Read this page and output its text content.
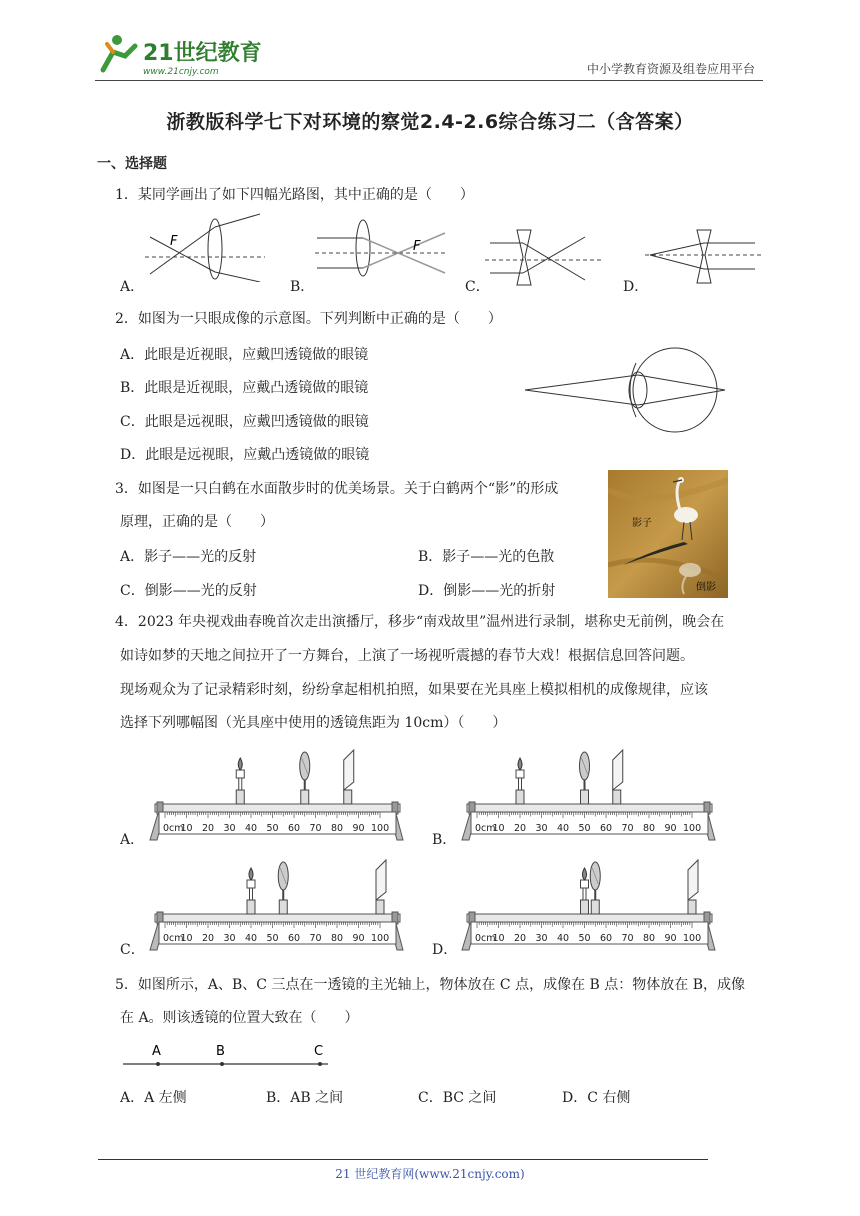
21世纪教育
www.21cnjy.com	中小学教育资源及组卷应用平台
浙教版科学七下对环境的察觉2.4-2.6综合练习二（含答案）
一、选择题
1．某同学画出了如下四幅光路图，其中正确的是（　　）
A．	B．	C．	D．
F	F
2．如图为一只眼成像的示意图。下列判断中正确的是（　　）
A．此眼是近视眼，应戴凹透镜做的眼镜
B．此眼是近视眼，应戴凸透镜做的眼镜
C．此眼是远视眼，应戴凹透镜做的眼镜
D．此眼是远视眼，应戴凸透镜做的眼镜
3．如图是一只白鹤在水面散步时的优美场景。关于白鹤两个“影”的形成
原理，正确的是（　　）
A．影子——光的反射	B．影子——光的色散
C．倒影——光的反射	D．倒影——光的折射
影子
倒影
4．2023 年央视戏曲春晚首次走出演播厅，移步“南戏故里”温州进行录制，堪称史无前例，晚会在
如诗如梦的天地之间拉开了一方舞台，上演了一场视听震撼的春节大戏！根据信息回答问题。
现场观众为了记录精彩时刻，纷纷拿起相机拍照，如果要在光具座上模拟相机的成像规律，应该
选择下列哪幅图（光具座中使用的透镜焦距为 10cm）（　　）
A．	B．
C．	D．
0cm
10 20 30 40 50 60 70 80 90 100	0cm
10 20 30 40 50 60 70 80 90 100
0cm
10 20 30 40 50 60 70 80 90 100	0cm
10 20 30 40 50 60 70 80 90 100
5．如图所示，A、B、C 三点在一透镜的主光轴上，物体放在 C 点，成像在 B 点：物体放在 B，成像
在 A。则该透镜的位置大致在（　　）
A	B	C
A．A 左侧	B．AB 之间	C．BC 之间	D．C 右侧
21 世纪教育网(www.21cnjy.com)
